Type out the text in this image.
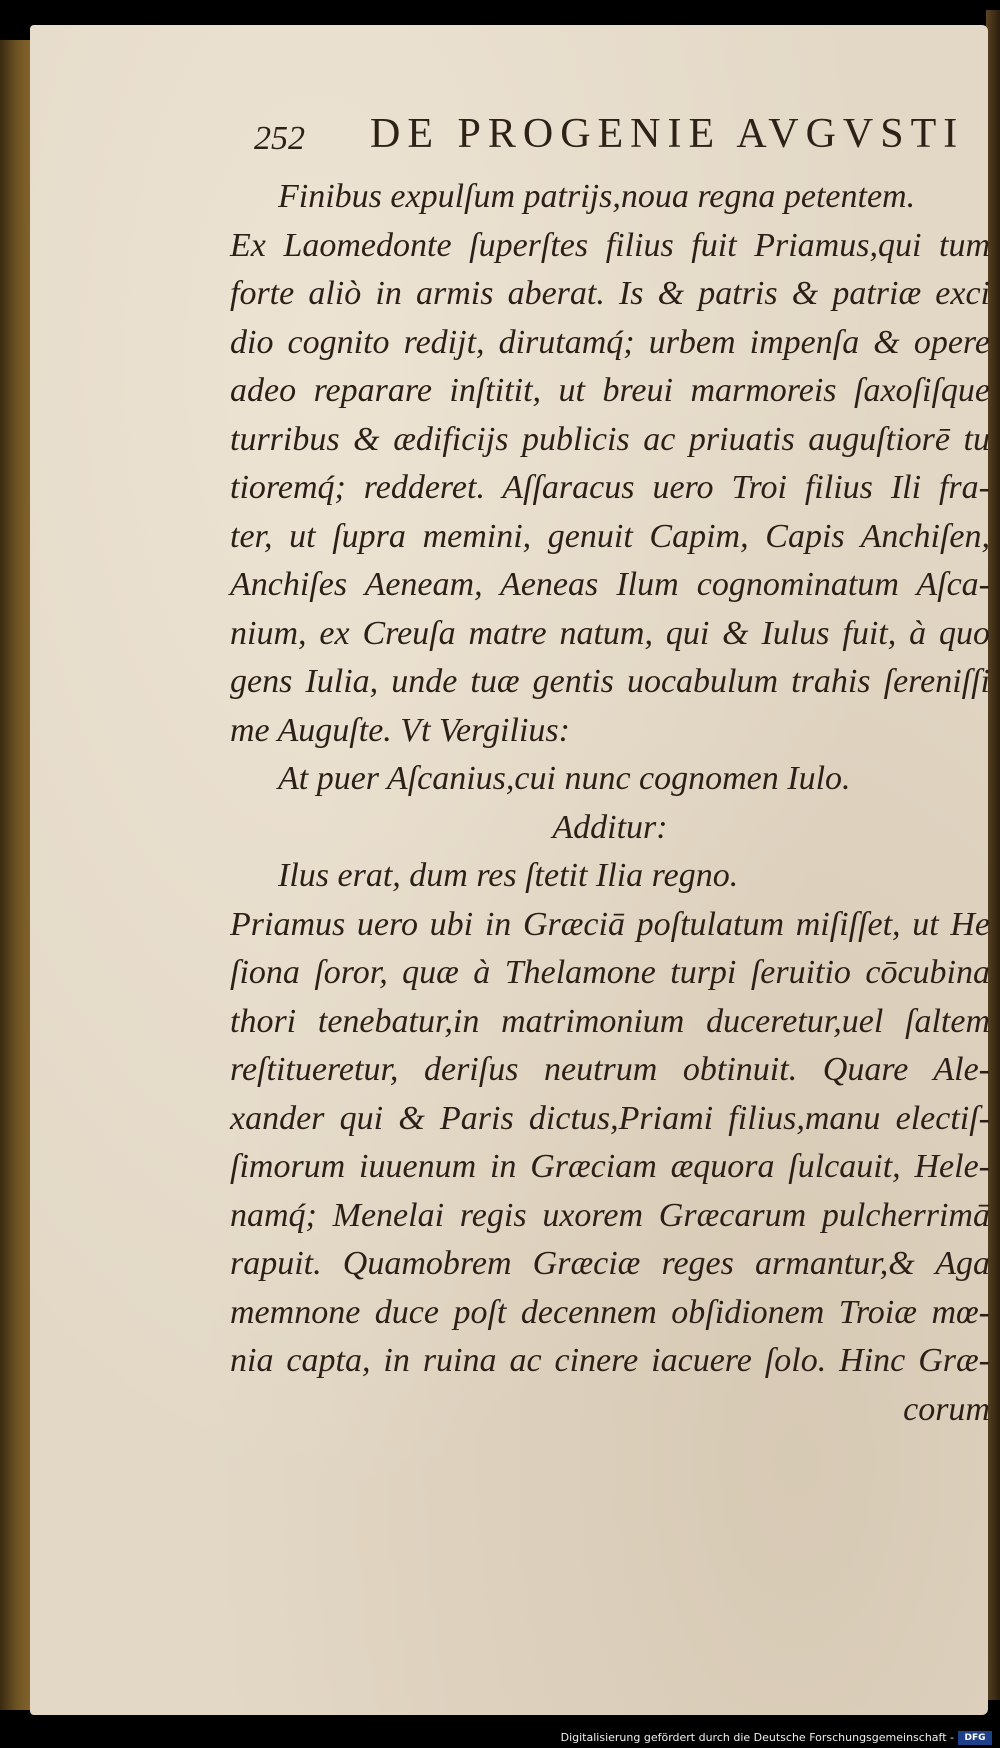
DE PROGENIE AVGVSTI
252
Finibus expulſum patrijs,noua regna petentem.
Ex Laomedonte ſuperſtes filius fuit Priamus,qui tum
forte aliò in armis aberat. Is & patris & patriæ exci
dio cognito redijt, dirutamq́; urbem impenſa & opere
adeo reparare inſtitit, ut breui marmoreis ſaxoſiſque
turribus & ædificijs publicis ac priuatis auguſtiorē tu
tioremq́; redderet. Aſſaracus uero Troi filius Ili fra-
ter, ut ſupra memini, genuit Capim, Capis Anchiſen,
Anchiſes Aeneam, Aeneas Ilum cognominatum Aſca-
nium, ex Creuſa matre natum, qui & Iulus fuit, à quo
gens Iulia, unde tuæ gentis uocabulum trahis ſereniſſi
me Auguſte. Vt Vergilius:
At puer Aſcanius,cui nunc cognomen Iulo.
Additur:
Ilus erat, dum res ſtetit Ilia regno.
Priamus uero ubi in Græciā poſtulatum miſiſſet, ut He
ſiona ſoror, quæ à Thelamone turpi ſeruitio cōcubina
thori tenebatur,in matrimonium duceretur,uel ſaltem
reſtitueretur, deriſus neutrum obtinuit. Quare Ale-
xander qui & Paris dictus,Priami filius,manu electiſ-
ſimorum iuuenum in Græciam æquora ſulcauit, Hele-
namq́; Menelai regis uxorem Græcarum pulcherrimā
rapuit. Quamobrem Græciæ reges armantur,& Aga
memnone duce poſt decennem obſidionem Troiæ mœ-
nia capta, in ruina ac cinere iacuere ſolo. Hinc Græ-
corum
Digitalisierung gefördert durch die Deutsche Forschungsgemeinschaft -	DFG
